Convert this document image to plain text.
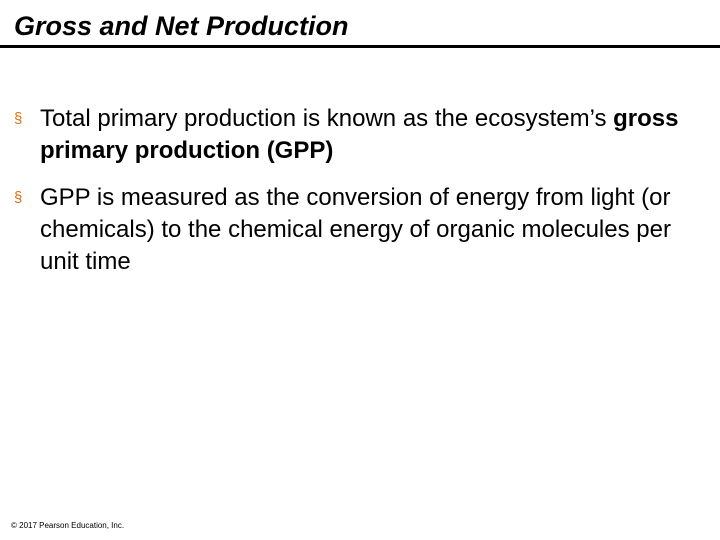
Gross and Net Production
§ Total primary production is known as the ecosystem’s gross primary production (GPP)
§ GPP is measured as the conversion of energy from light (or chemicals) to the chemical energy of organic molecules per unit time
© 2017 Pearson Education, Inc.
